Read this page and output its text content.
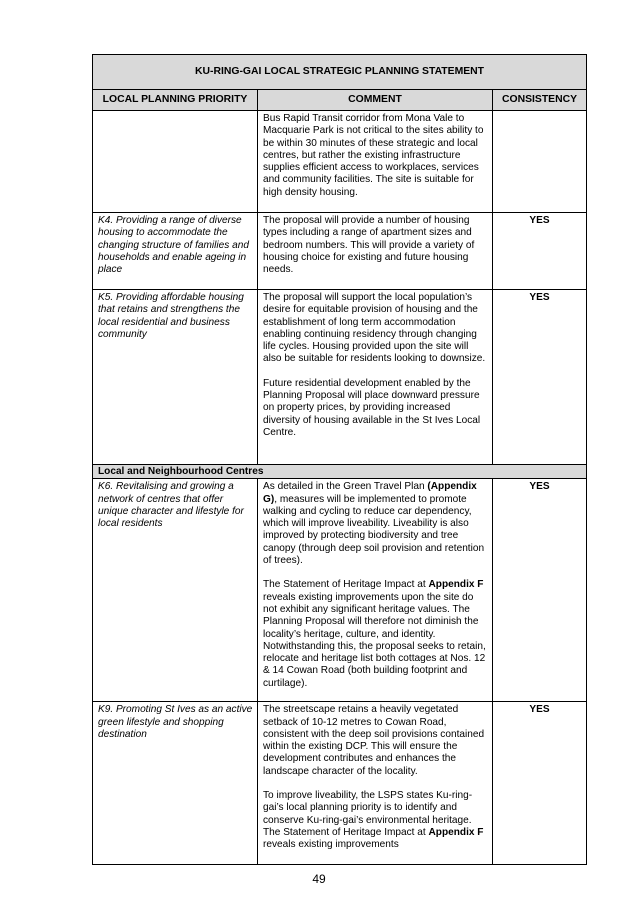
KU-RING-GAI LOCAL STRATEGIC PLANNING STATEMENT		
LOCAL PLANNING PRIORITY	COMMENT	CONSISTENCY
	Bus Rapid Transit corridor from Mona Vale to Macquarie Park is not critical to the sites ability to be within 30 minutes of these strategic and local centres, but rather the existing infrastructure supplies efficient access to workplaces, services and community facilities. The site is suitable for high density housing.	
K4. Providing a range of diverse housing to accommodate the changing structure of families and households and enable ageing in place	The proposal will provide a number of housing types including a range of apartment sizes and bedroom numbers. This will provide a variety of housing choice for existing and future housing needs.	YES
K5. Providing affordable housing that retains and strengthens the local residential and business community	The proposal will support the local population’s desire for equitable provision of housing and the establishment of long term accommodation enabling continuing residency through changing life cycles. Housing provided upon the site will also be suitable for residents looking to downsize.
Future residential development enabled by the Planning Proposal will place downward pressure on property prices, by providing increased diversity of housing available in the St Ives Local Centre.	YES
Local and Neighbourhood Centres		
K6. Revitalising and growing a network of centres that offer unique character and lifestyle for local residents	As detailed in the Green Travel Plan (Appendix G), measures will be implemented to promote walking and cycling to reduce car dependency, which will improve liveability. Liveability is also improved by protecting biodiversity and tree canopy (through deep soil provision and retention of trees).
The Statement of Heritage Impact at Appendix F reveals existing improvements upon the site do not exhibit any significant heritage values. The Planning Proposal will therefore not diminish the locality’s heritage, culture, and identity. Notwithstanding this, the proposal seeks to retain, relocate and heritage list both cottages at Nos. 12 & 14 Cowan Road (both building footprint and curtilage).	YES
K9. Promoting St Ives as an active green lifestyle and shopping destination	The streetscape retains a heavily vegetated setback of 10-12 metres to Cowan Road, consistent with the deep soil provisions contained within the existing DCP. This will ensure the development contributes and enhances the landscape character of the locality.
To improve liveability, the LSPS states Ku-ring-gai’s local planning priority is to identify and conserve Ku-ring-gai’s environmental heritage. The Statement of Heritage Impact at Appendix F reveals existing improvements	YES
49
